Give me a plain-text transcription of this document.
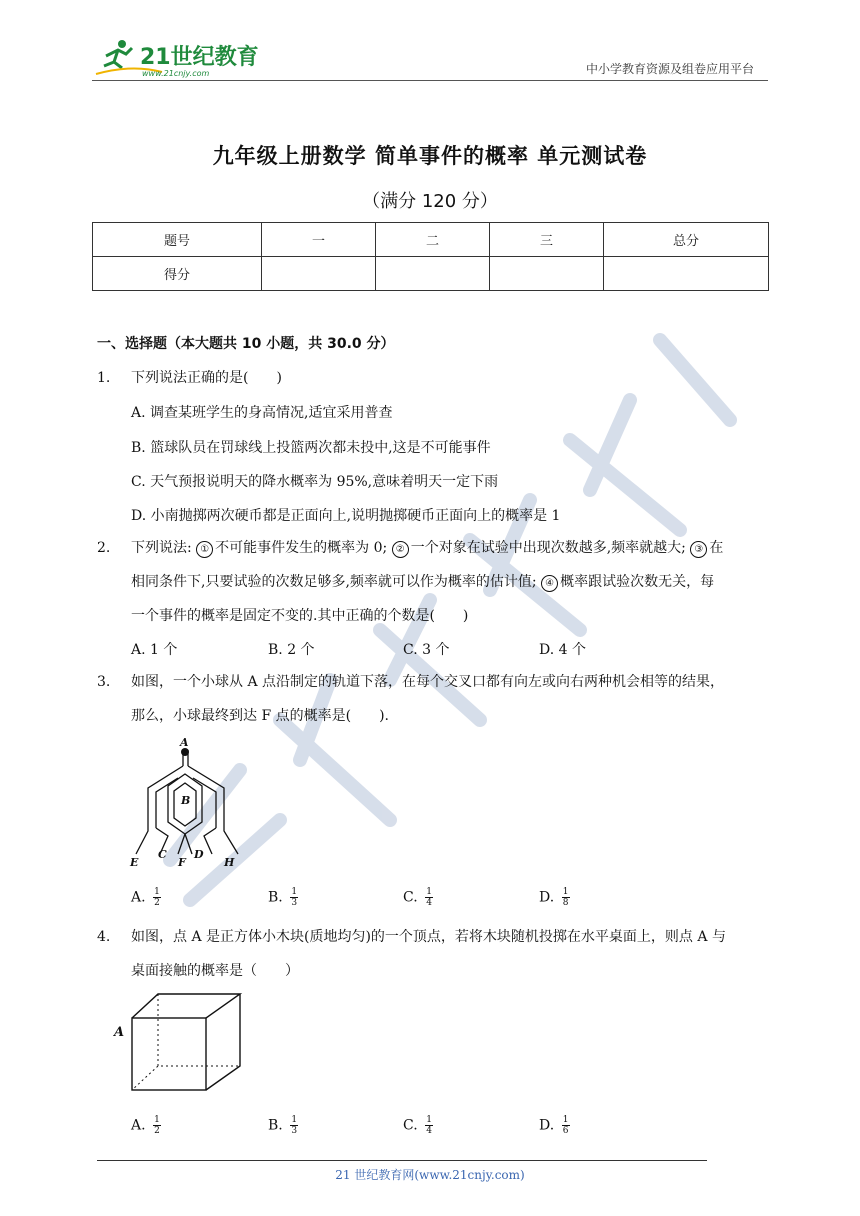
21世纪教育
www.21cnjy.com	中小学教育资源及组卷应用平台
九年级上册数学 简单事件的概率 单元测试卷
（满分 120 分）
题号	一	二	三	总分
得分				
一、选择题（本大题共 10 小题，共 30.0 分）
1. 下列说法正确的是(　　)
A. 调查某班学生的身高情况,适宜采用普查
B. 篮球队员在罚球线上投篮两次都未投中,这是不可能事件
C. 天气预报说明天的降水概率为 95%,意味着明天一定下雨
D. 小南抛掷两次硬币都是正面向上,说明抛掷硬币正面向上的概率是 1
2. 下列说法: ① 不可能事件发生的概率为 0; ② 一个对象在试验中出现次数越多,频率就越大; ③ 在
相同条件下,只要试验的次数足够多,频率就可以作为概率的估计值; ④ 概率跟试验次数无关，每
一个事件的概率是固定不变的.其中正确的个数是(　　)
A. 1 个	B. 2 个	C. 3 个	D. 4 个
3. 如图，一个小球从 A 点沿制定的轨道下落，在每个交叉口都有向左或向右两种机会相等的结果，
那么，小球最终到达 F 点的概率是(　　).
A
B
C D
E	F	H
A. $\frac{1}{2}$	B. $\frac{1}{3}$	C. $\frac{1}{4}$	D. $\frac{1}{8}$
4. 如图，点 A 是正方体小木块(质地均匀)的一个顶点，若将木块随机投掷在水平桌面上，则点 A 与
桌面接触的概率是（　　）
A
A. $\frac{1}{2}$	B. $\frac{1}{3}$	C. $\frac{1}{4}$	D. $\frac{1}{6}$
21 世纪教育网(www.21cnjy.com)
